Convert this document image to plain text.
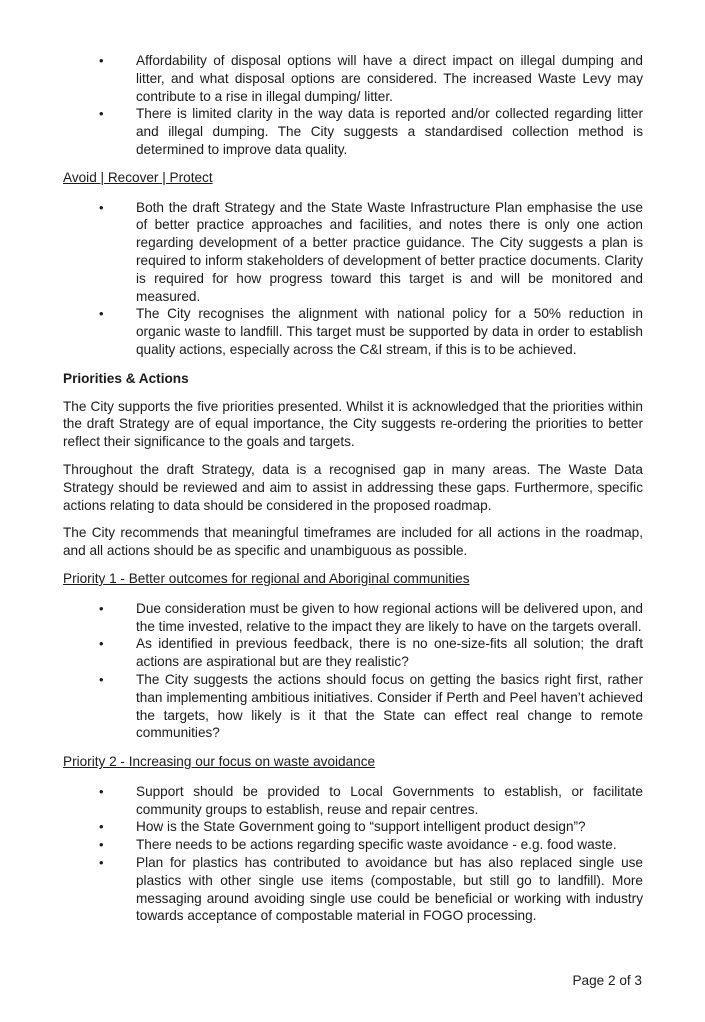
• Affordability of disposal options will have a direct impact on illegal dumping and litter, and what disposal options are considered. The increased Waste Levy may contribute to a rise in illegal dumping/ litter.
• There is limited clarity in the way data is reported and/or collected regarding litter and illegal dumping. The City suggests a standardised collection method is determined to improve data quality.

Avoid | Recover | Protect

• Both the draft Strategy and the State Waste Infrastructure Plan emphasise the use of better practice approaches and facilities, and notes there is only one action regarding development of a better practice guidance. The City suggests a plan is required to inform stakeholders of development of better practice documents. Clarity is required for how progress toward this target is and will be monitored and measured.
• The City recognises the alignment with national policy for a 50% reduction in organic waste to landfill. This target must be supported by data in order to establish quality actions, especially across the C&I stream, if this is to be achieved.

Priorities & Actions

The City supports the five priorities presented. Whilst it is acknowledged that the priorities within the draft Strategy are of equal importance, the City suggests re-ordering the priorities to better reflect their significance to the goals and targets.

Throughout the draft Strategy, data is a recognised gap in many areas. The Waste Data Strategy should be reviewed and aim to assist in addressing these gaps. Furthermore, specific actions relating to data should be considered in the proposed roadmap.

The City recommends that meaningful timeframes are included for all actions in the roadmap, and all actions should be as specific and unambiguous as possible.

Priority 1 - Better outcomes for regional and Aboriginal communities

• Due consideration must be given to how regional actions will be delivered upon, and the time invested, relative to the impact they are likely to have on the targets overall.
• As identified in previous feedback, there is no one-size-fits all solution; the draft actions are aspirational but are they realistic?
• The City suggests the actions should focus on getting the basics right first, rather than implementing ambitious initiatives. Consider if Perth and Peel haven’t achieved the targets, how likely is it that the State can effect real change to remote communities?

Priority 2 - Increasing our focus on waste avoidance

• Support should be provided to Local Governments to establish, or facilitate community groups to establish, reuse and repair centres.
• How is the State Government going to “support intelligent product design”?
• There needs to be actions regarding specific waste avoidance - e.g. food waste.
• Plan for plastics has contributed to avoidance but has also replaced single use plastics with other single use items (compostable, but still go to landfill). More messaging around avoiding single use could be beneficial or working with industry towards acceptance of compostable material in FOGO processing.
Page 2 of 3
